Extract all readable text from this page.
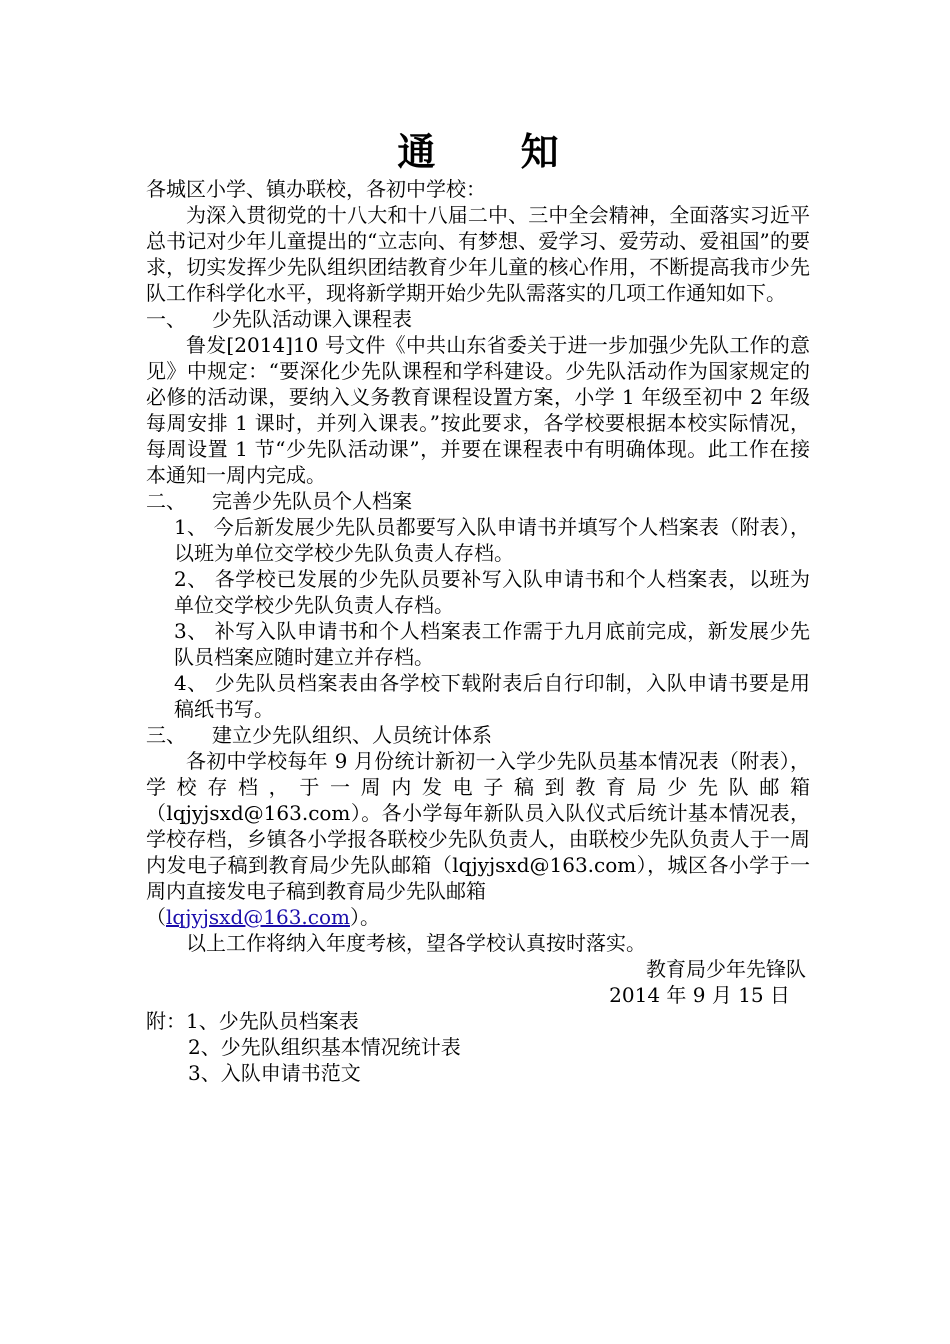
通 知

各城区小学、镇办联校，各初中学校：

为深入贯彻党的十八大和十八届二中、三中全会精神，全面落实习近平总书记对少年儿童提出的“立志向、有梦想、爱学习、爱劳动、爱祖国”的要求，切实发挥少先队组织团结教育少年儿童的核心作用，不断提高我市少先队工作科学化水平，现将新学期开始少先队需落实的几项工作通知如下。

一、 少先队活动课入课程表

鲁发[2014]10 号文件《中共山东省委关于进一步加强少先队工作的意见》中规定：“要深化少先队课程和学科建设。少先队活动作为国家规定的必修的活动课，要纳入义务教育课程设置方案，小学 1 年级至初中 2 年级每周安排 1 课时，并列入课表。”按此要求，各学校要根据本校实际情况，每周设置 1 节“少先队活动课”，并要在课程表中有明确体现。此工作在接本通知一周内完成。

二、 完善少先队员个人档案

1、 今后新发展少先队员都要写入队申请书并填写个人档案表（附表），以班为单位交学校少先队负责人存档。

2、 各学校已发展的少先队员要补写入队申请书和个人档案表，以班为单位交学校少先队负责人存档。

3、 补写入队申请书和个人档案表工作需于九月底前完成，新发展少先队员档案应随时建立并存档。

4、 少先队员档案表由各学校下载附表后自行印制，入队申请书要是用稿纸书写。

三、 建立少先队组织、人员统计体系

各初中学校每年 9 月份统计新初一入学少先队员基本情况表（附表），学校存档，于一周内发电子稿到教育局少先队邮箱（lqjyjsxd@163.com）。各小学每年新队员入队仪式后统计基本情况表，学校存档，乡镇各小学报各联校少先队负责人，由联校少先队负责人于一周内发电子稿到教育局少先队邮箱（lqjyjsxd@163.com），城区各小学于一周内直接发电子稿到教育局少先队邮箱
（lqjyjsxd@163.com）。

以上工作将纳入年度考核，望各学校认真按时落实。

教育局少年先锋队

2014 年 9 月 15 日

附：1、少先队员档案表

2、少先队组织基本情况统计表

3、入队申请书范文
